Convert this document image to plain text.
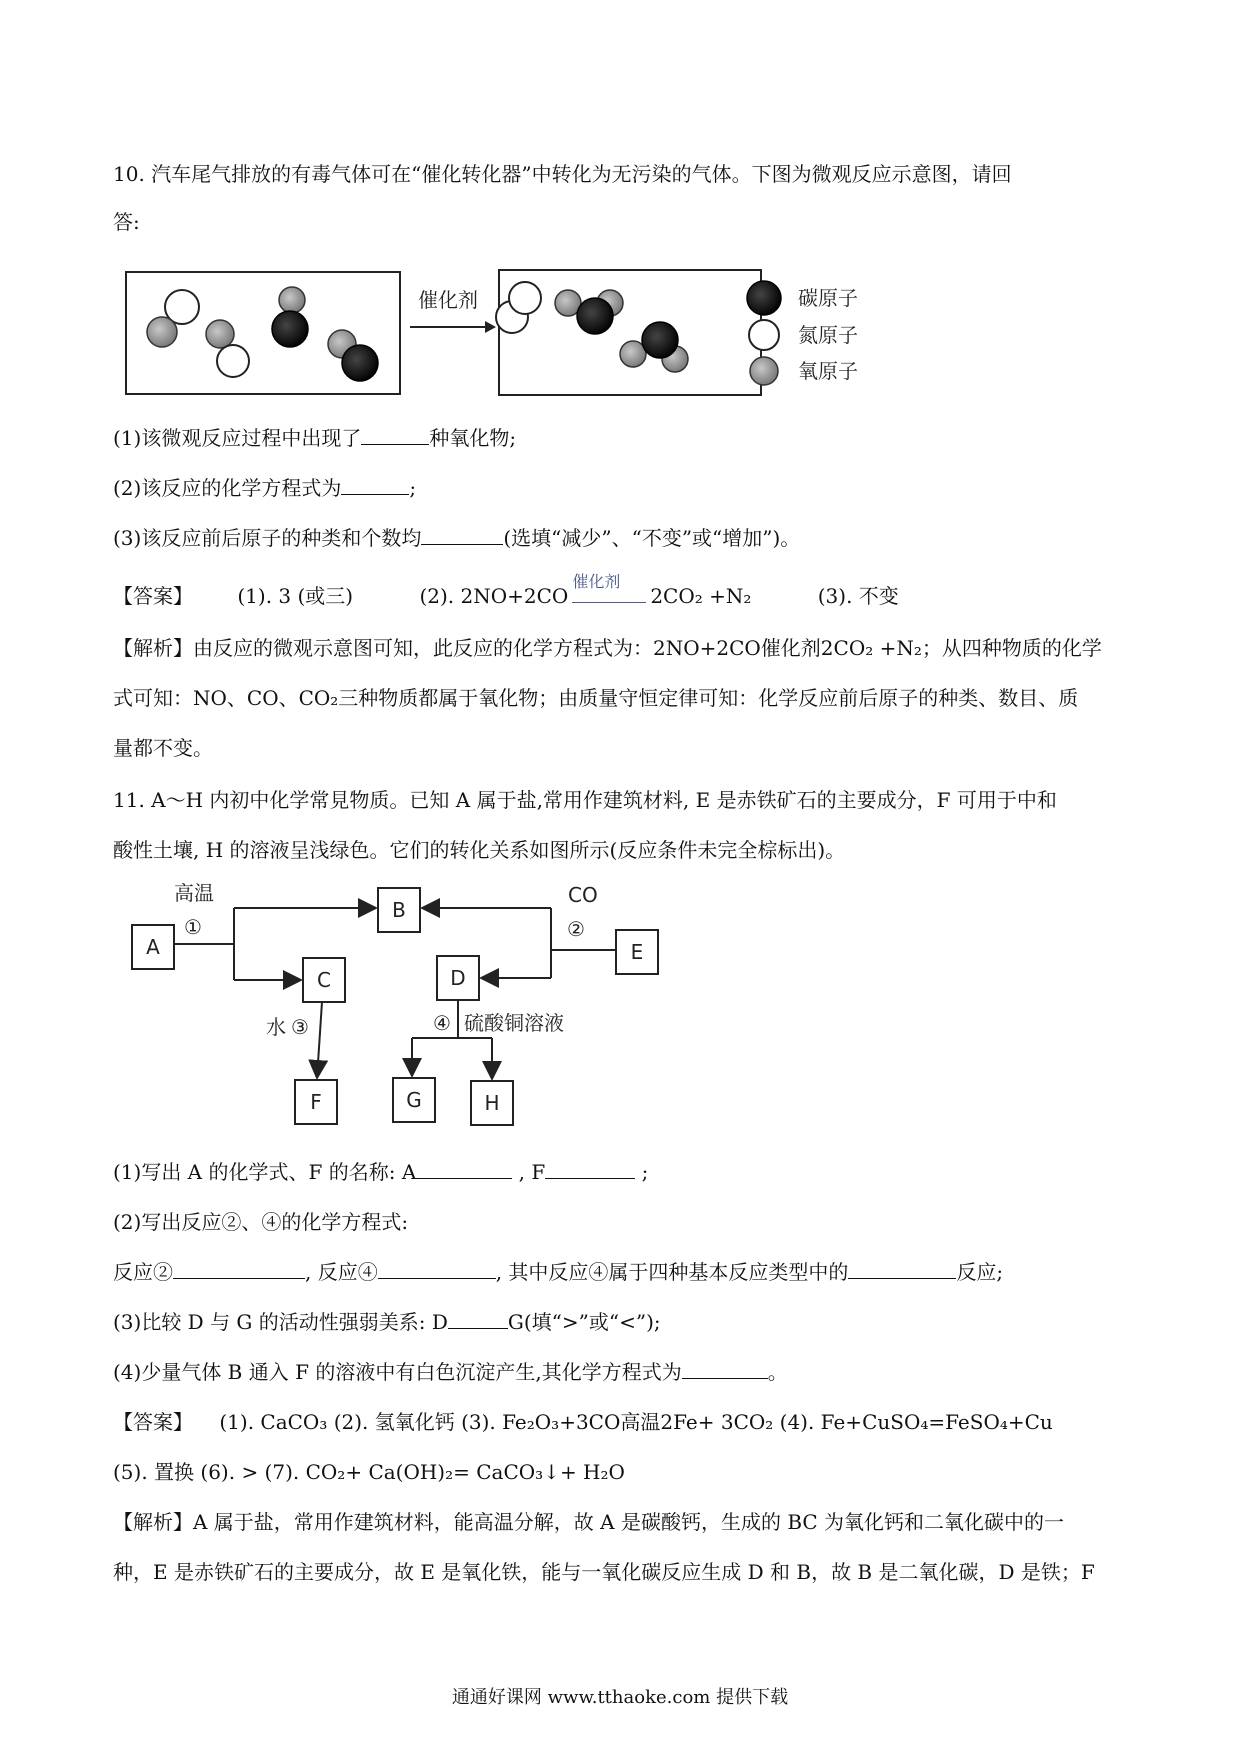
10. 汽车尾气排放的有毒气体可在“催化转化器”中转化为无污染的气体。下图为微观反应示意图，请回
答:
催化剂	碳原子
氮原子
氧原子
(1)该微观反应过程中出现了	种氧化物;
(2)该反应的化学方程式为	;
(3)该反应前后原子的种类和个数均	(选填“减少”、“不变”或“增加”)。
【答案】 (1). 3 (或三)	(2). 2NO+2CO
催化剂
2CO₂ +N₂	(3). 不变
【解析】由反应的微观示意图可知，此反应的化学方程式为：2NO+2CO催化剂2CO₂ +N₂；从四种物质的化学
式可知：NO、CO、CO₂三种物质都属于氧化物；由质量守恒定律可知：化学反应前后原子的种类、数目、质
量都不变。
11. A～H 内初中化学常見物质。已知 A 属于盐,常用作建筑材料, E 是赤铁矿石的主要成分，F 可用于中和
酸性土壤, H 的溶液呈浅绿色。它们的转化关系如图所示(反应条件未完全棕标出)。
A
B
C	D
E
F	G	H
高温
①
CO
②
水 ③	④ 硫酸铜溶液
(1)写出 A 的化学式、F 的名称: A	, F	;
(2)写出反应②、④的化学方程式:
反应②	, 反应④	, 其中反应④属于四种基本反应类型中的	反应;
(3)比较 D 与 G 的活动性强弱美系: D	G(填“>”或“<”);
(4)少量气体 B 通入 F 的溶液中有白色沉淀产生,其化学方程式为	。
【答案】 (1). CaCO₃ (2). 氢氧化钙 (3). Fe₂O₃+3CO高温2Fe+ 3CO₂ (4). Fe+CuSO₄=FeSO₄+Cu
(5). 置换 (6). > (7). CO₂+ Ca(OH)₂= CaCO₃↓+ H₂O
【解析】A 属于盐，常用作建筑材料，能高温分解，故 A 是碳酸钙，生成的 BC 为氧化钙和二氧化碳中的一
种，E 是赤铁矿石的主要成分，故 E 是氧化铁，能与一氧化碳反应生成 D 和 B，故 B 是二氧化碳，D 是铁；F
通通好课网 www.tthaoke.com 提供下载
